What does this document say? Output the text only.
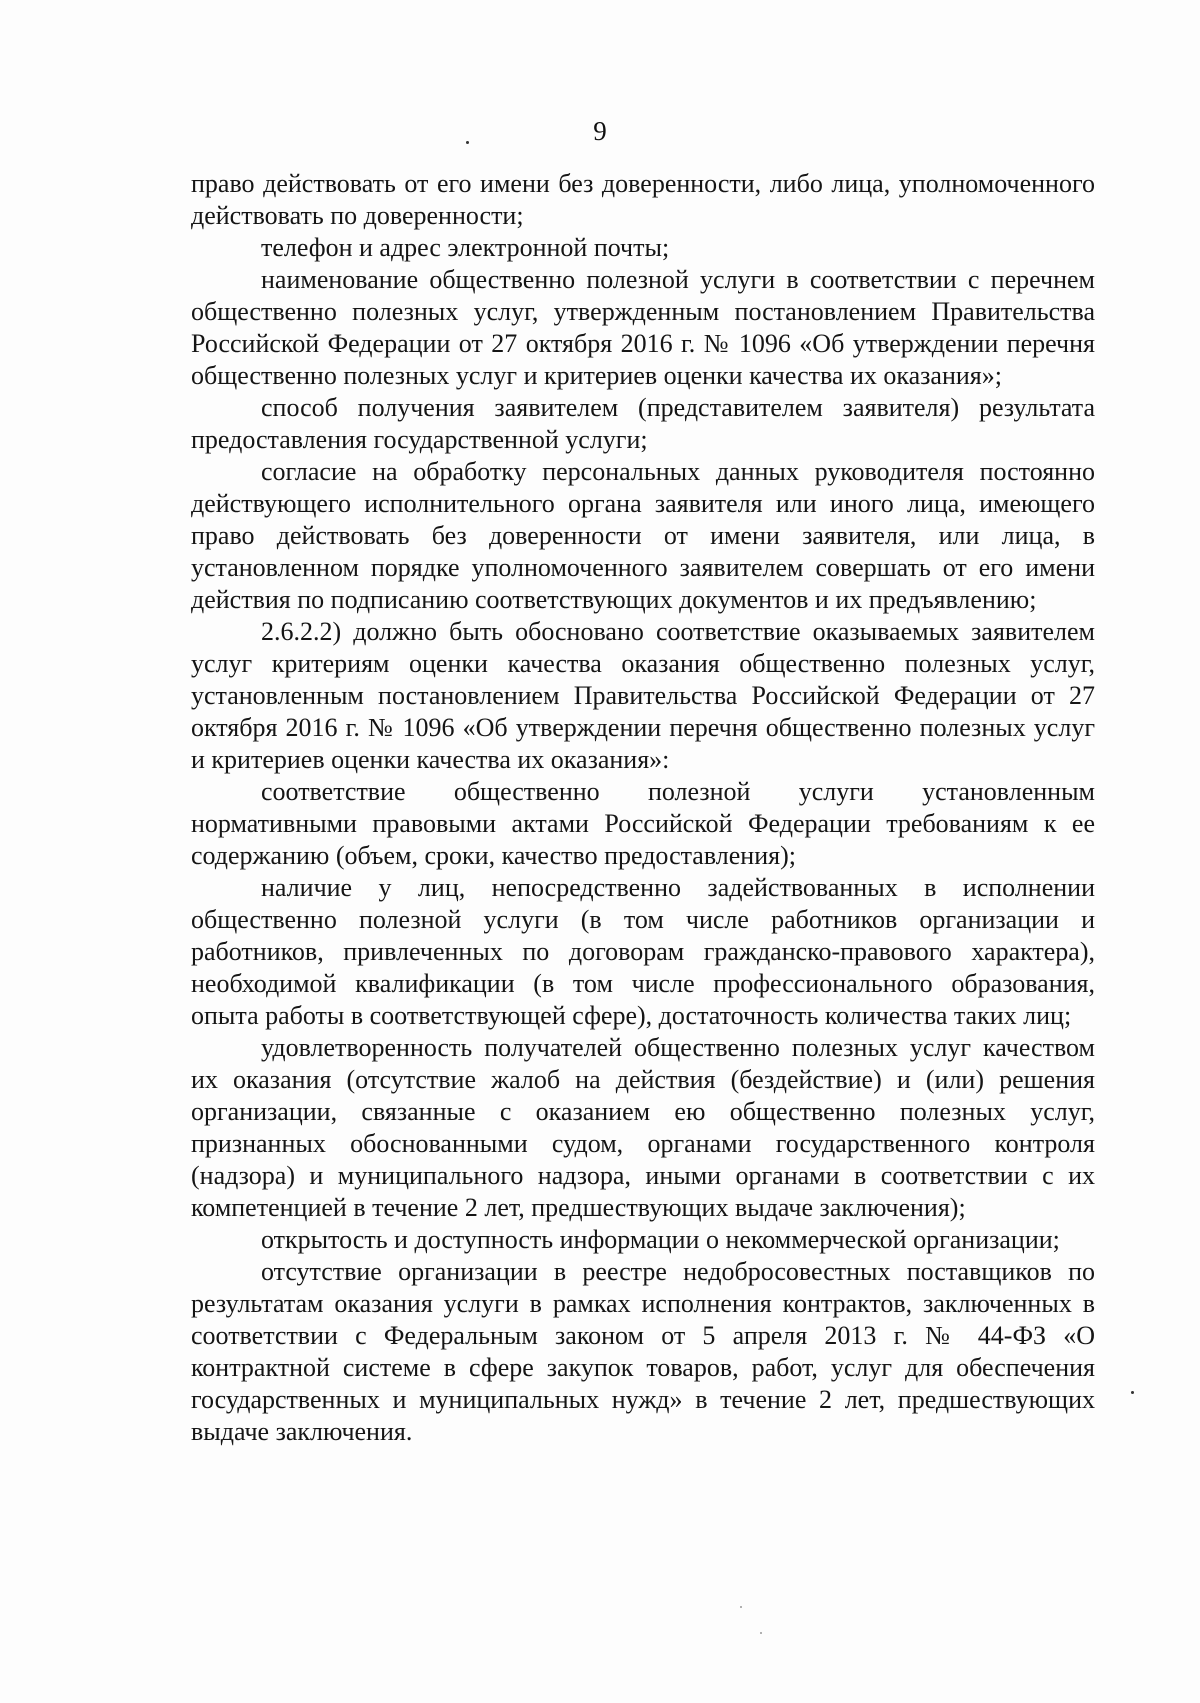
9

право действовать от его имени без доверенности, либо лица, уполномоченного действовать по доверенности;

телефон и адрес электронной почты;

наименование общественно полезной услуги в соответствии с перечнем общественно полезных услуг, утвержденным постановлением Правительства Российской Федерации от 27 октября 2016 г. № 1096 «Об утверждении перечня общественно полезных услуг и критериев оценки качества их оказания»;

способ получения заявителем (представителем заявителя) результата предоставления государственной услуги;

согласие на обработку персональных данных руководителя постоянно действующего исполнительного органа заявителя или иного лица, имеющего право действовать без доверенности от имени заявителя, или лица, в установленном порядке уполномоченного заявителем совершать от его имени действия по подписанию соответствующих документов и их предъявлению;

2.6.2.2) должно быть обосновано соответствие оказываемых заявителем услуг критериям оценки качества оказания общественно полезных услуг, установленным постановлением Правительства Российской Федерации от 27 октября 2016 г. № 1096 «Об утверждении перечня общественно полезных услуг и критериев оценки качества их оказания»:

соответствие общественно полезной услуги установленным нормативными правовыми актами Российской Федерации требованиям к ее содержанию (объем, сроки, качество предоставления);

наличие у лиц, непосредственно задействованных в исполнении общественно полезной услуги (в том числе работников организации и работников, привлеченных по договорам гражданско-правового характера), необходимой квалификации (в том числе профессионального образования, опыта работы в соответствующей сфере), достаточность количества таких лиц;

удовлетворенность получателей общественно полезных услуг качеством их оказания (отсутствие жалоб на действия (бездействие) и (или) решения организации, связанные с оказанием ею общественно полезных услуг, признанных обоснованными судом, органами государственного контроля (надзора) и муниципального надзора, иными органами в соответствии с их компетенцией в течение 2 лет, предшествующих выдаче заключения);

открытость и доступность информации о некоммерческой организации;

отсутствие организации в реестре недобросовестных поставщиков по результатам оказания услуги в рамках исполнения контрактов, заключенных в соответствии с Федеральным законом от 5 апреля 2013 г. № 44-ФЗ «О контрактной системе в сфере закупок товаров, работ, услуг для обеспечения государственных и муниципальных нужд» в течение 2 лет, предшествующих выдаче заключения.
